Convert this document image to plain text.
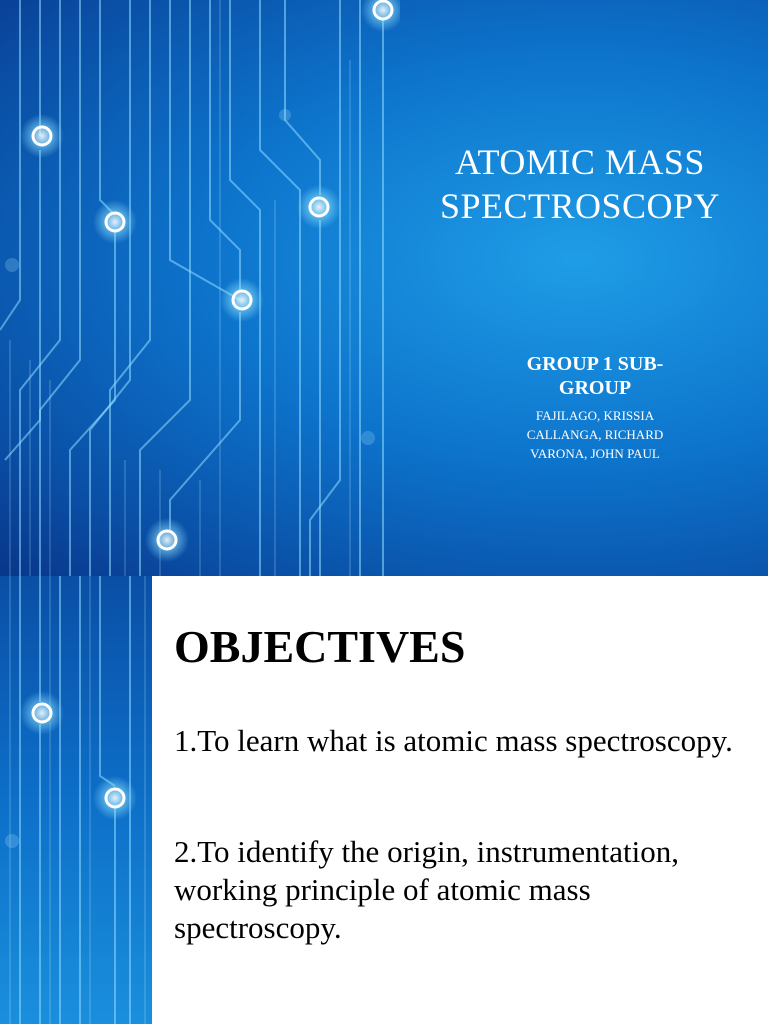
ATOMIC MASS
SPECTROSCOPY
GROUP 1 SUB-
GROUP
FAJILAGO, KRISSIA
CALLANGA, RICHARD
VARONA, JOHN PAUL
OBJECTIVES

1.To learn what is atomic mass spectroscopy.

2.To identify the origin, instrumentation, working principle of atomic mass spectroscopy.
